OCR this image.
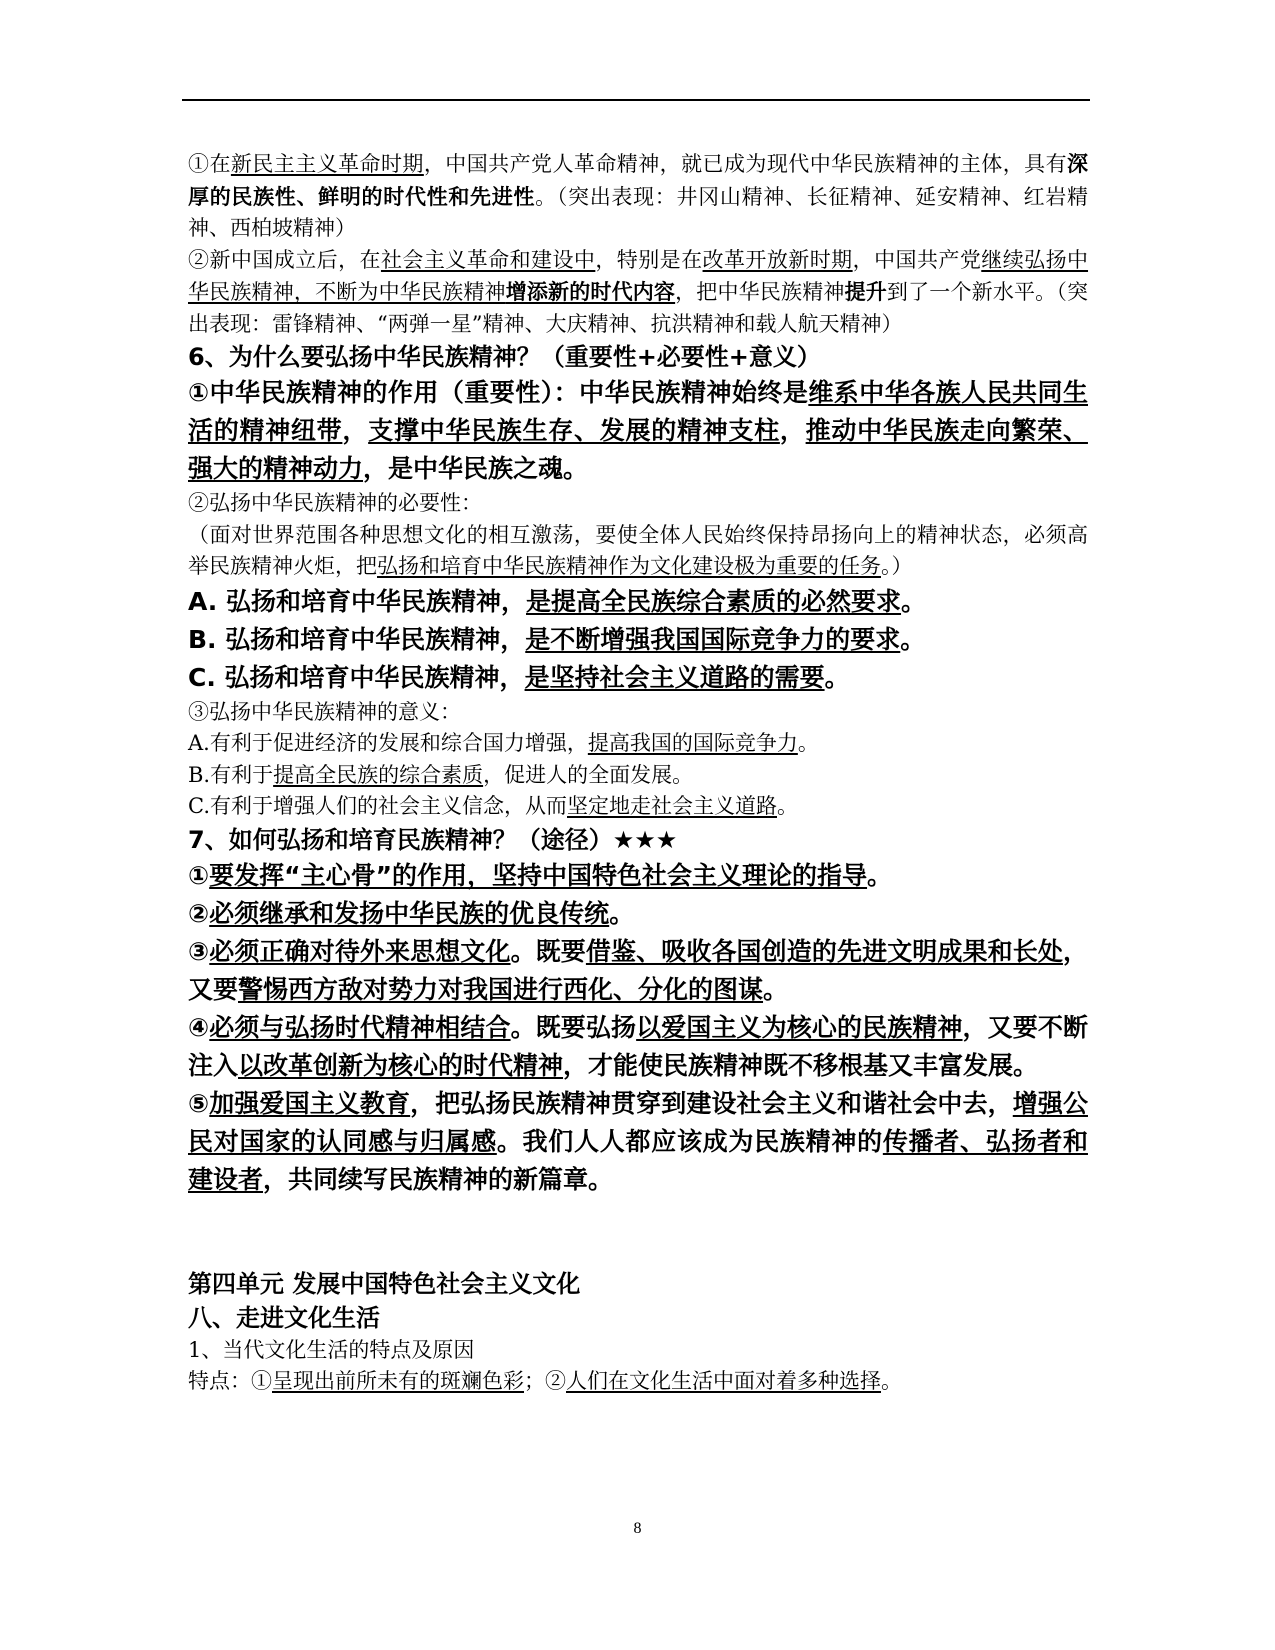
①在新民主主义革命时期，中国共产党人革命精神，就已成为现代中华民族精神的主体，具有深厚的民族性、鲜明的时代性和先进性。（突出表现：井冈山精神、长征精神、延安精神、红岩精神、西柏坡精神）

②新中国成立后，在社会主义革命和建设中，特别是在改革开放新时期，中国共产党继续弘扬中华民族精神，不断为中华民族精神增添新的时代内容，把中华民族精神提升到了一个新水平。（突出表现：雷锋精神、“两弹一星”精神、大庆精神、抗洪精神和载人航天精神）

6、为什么要弘扬中华民族精神？（重要性+必要性+意义）

①中华民族精神的作用（重要性）：中华民族精神始终是维系中华各族人民共同生活的精神纽带，支撑中华民族生存、发展的精神支柱，推动中华民族走向繁荣、强大的精神动力，是中华民族之魂。

②弘扬中华民族精神的必要性：

（面对世界范围各种思想文化的相互激荡，要使全体人民始终保持昂扬向上的精神状态，必须高举民族精神火炬，把弘扬和培育中华民族精神作为文化建设极为重要的任务。）

A. 弘扬和培育中华民族精神，是提高全民族综合素质的必然要求。

B. 弘扬和培育中华民族精神，是不断增强我国国际竞争力的要求。

C. 弘扬和培育中华民族精神，是坚持社会主义道路的需要。

③弘扬中华民族精神的意义：

A.有利于促进经济的发展和综合国力增强，提高我国的国际竞争力。

B.有利于提高全民族的综合素质，促进人的全面发展。

C.有利于增强人们的社会主义信念，从而坚定地走社会主义道路。

7、如何弘扬和培育民族精神？（途径）★★★

①要发挥“主心骨”的作用，坚持中国特色社会主义理论的指导。

②必须继承和发扬中华民族的优良传统。

③必须正确对待外来思想文化。既要借鉴、吸收各国创造的先进文明成果和长处，又要警惕西方敌对势力对我国进行西化、分化的图谋。

④必须与弘扬时代精神相结合。既要弘扬以爱国主义为核心的民族精神，又要不断注入以改革创新为核心的时代精神，才能使民族精神既不移根基又丰富发展。

⑤加强爱国主义教育，把弘扬民族精神贯穿到建设社会主义和谐社会中去，增强公民对国家的认同感与归属感。我们人人都应该成为民族精神的传播者、弘扬者和建设者，共同续写民族精神的新篇章。

第四单元 发展中国特色社会主义文化

八、走进文化生活

1、当代文化生活的特点及原因

特点：①呈现出前所未有的斑斓色彩；②人们在文化生活中面对着多种选择。

8
